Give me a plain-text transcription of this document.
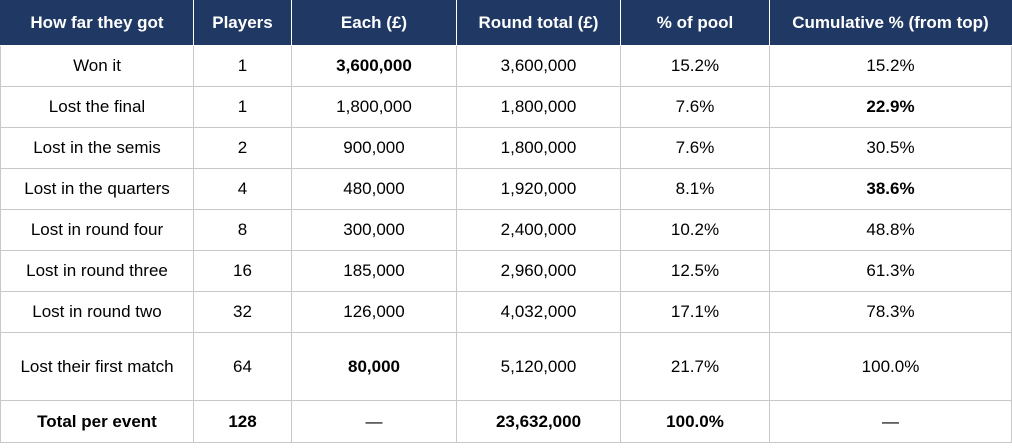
How far they got	Players	Each (£)	Round total (£)	% of pool	Cumulative % (from top)
Won it	1	3,600,000	3,600,000	15.2%	15.2%
Lost the final	1	1,800,000	1,800,000	7.6%	22.9%
Lost in the semis	2	900,000	1,800,000	7.6%	30.5%
Lost in the quarters	4	480,000	1,920,000	8.1%	38.6%
Lost in round four	8	300,000	2,400,000	10.2%	48.8%
Lost in round three	16	185,000	2,960,000	12.5%	61.3%
Lost in round two	32	126,000	4,032,000	17.1%	78.3%
Lost their first match	64	80,000	5,120,000	21.7%	100.0%
Total per event	128	—	23,632,000	100.0%	—
